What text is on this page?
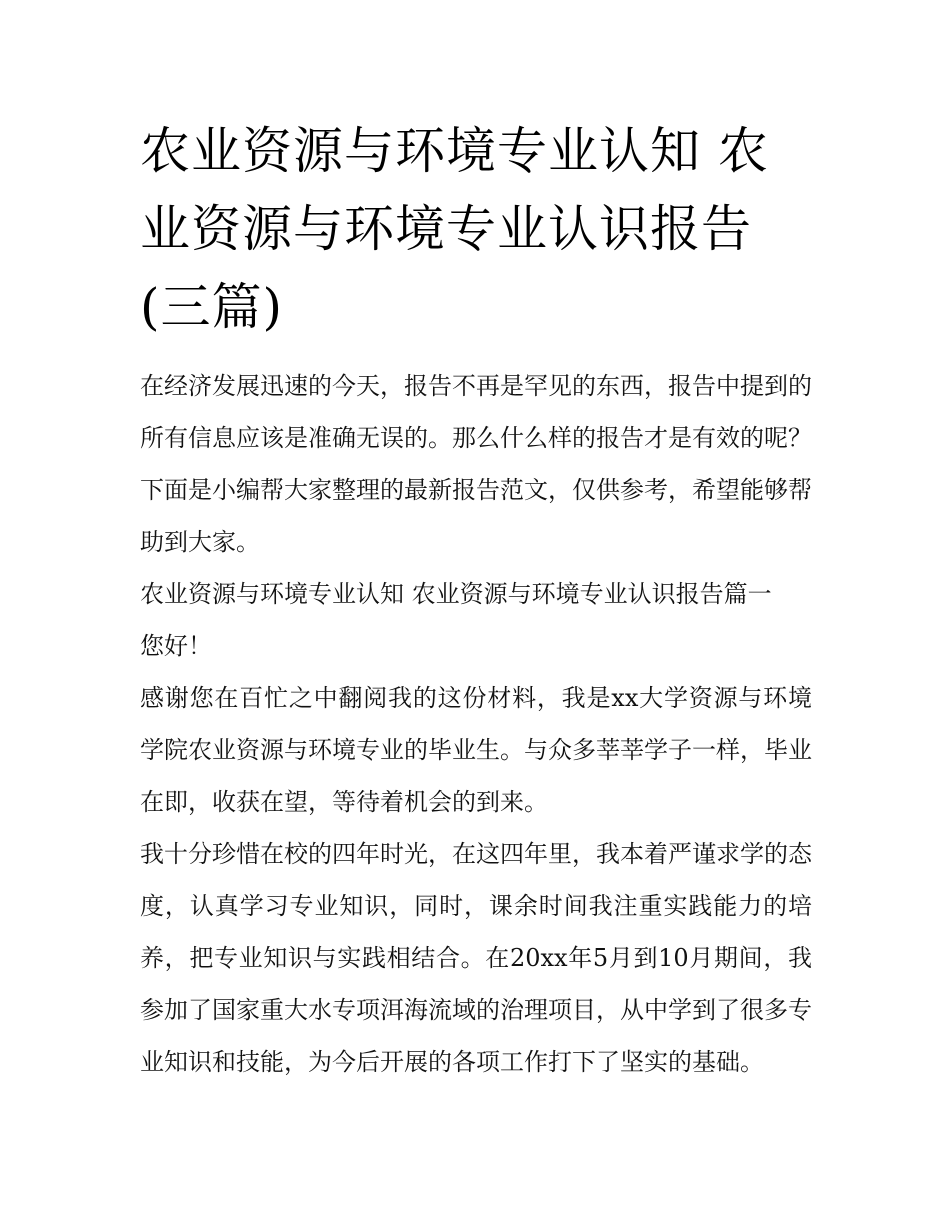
农业资源与环境专业认知 农业资源与环境专业认识报告(三篇)

在经济发展迅速的今天，报告不再是罕见的东西，报告中提到的所有信息应该是准确无误的。那么什么样的报告才是有效的呢？下面是小编帮大家整理的最新报告范文，仅供参考，希望能够帮助到大家。

农业资源与环境专业认知 农业资源与环境专业认识报告篇一

您好！

感谢您在百忙之中翻阅我的这份材料，我是xx大学资源与环境学院农业资源与环境专业的毕业生。与众多莘莘学子一样，毕业在即，收获在望，等待着机会的到来。

我十分珍惜在校的四年时光，在这四年里，我本着严谨求学的态度，认真学习专业知识，同时，课余时间我注重实践能力的培养，把专业知识与实践相结合。在20xx年5月到10月期间，我参加了国家重大水专项洱海流域的治理项目，从中学到了很多专业知识和技能，为今后开展的各项工作打下了坚实的基础。
